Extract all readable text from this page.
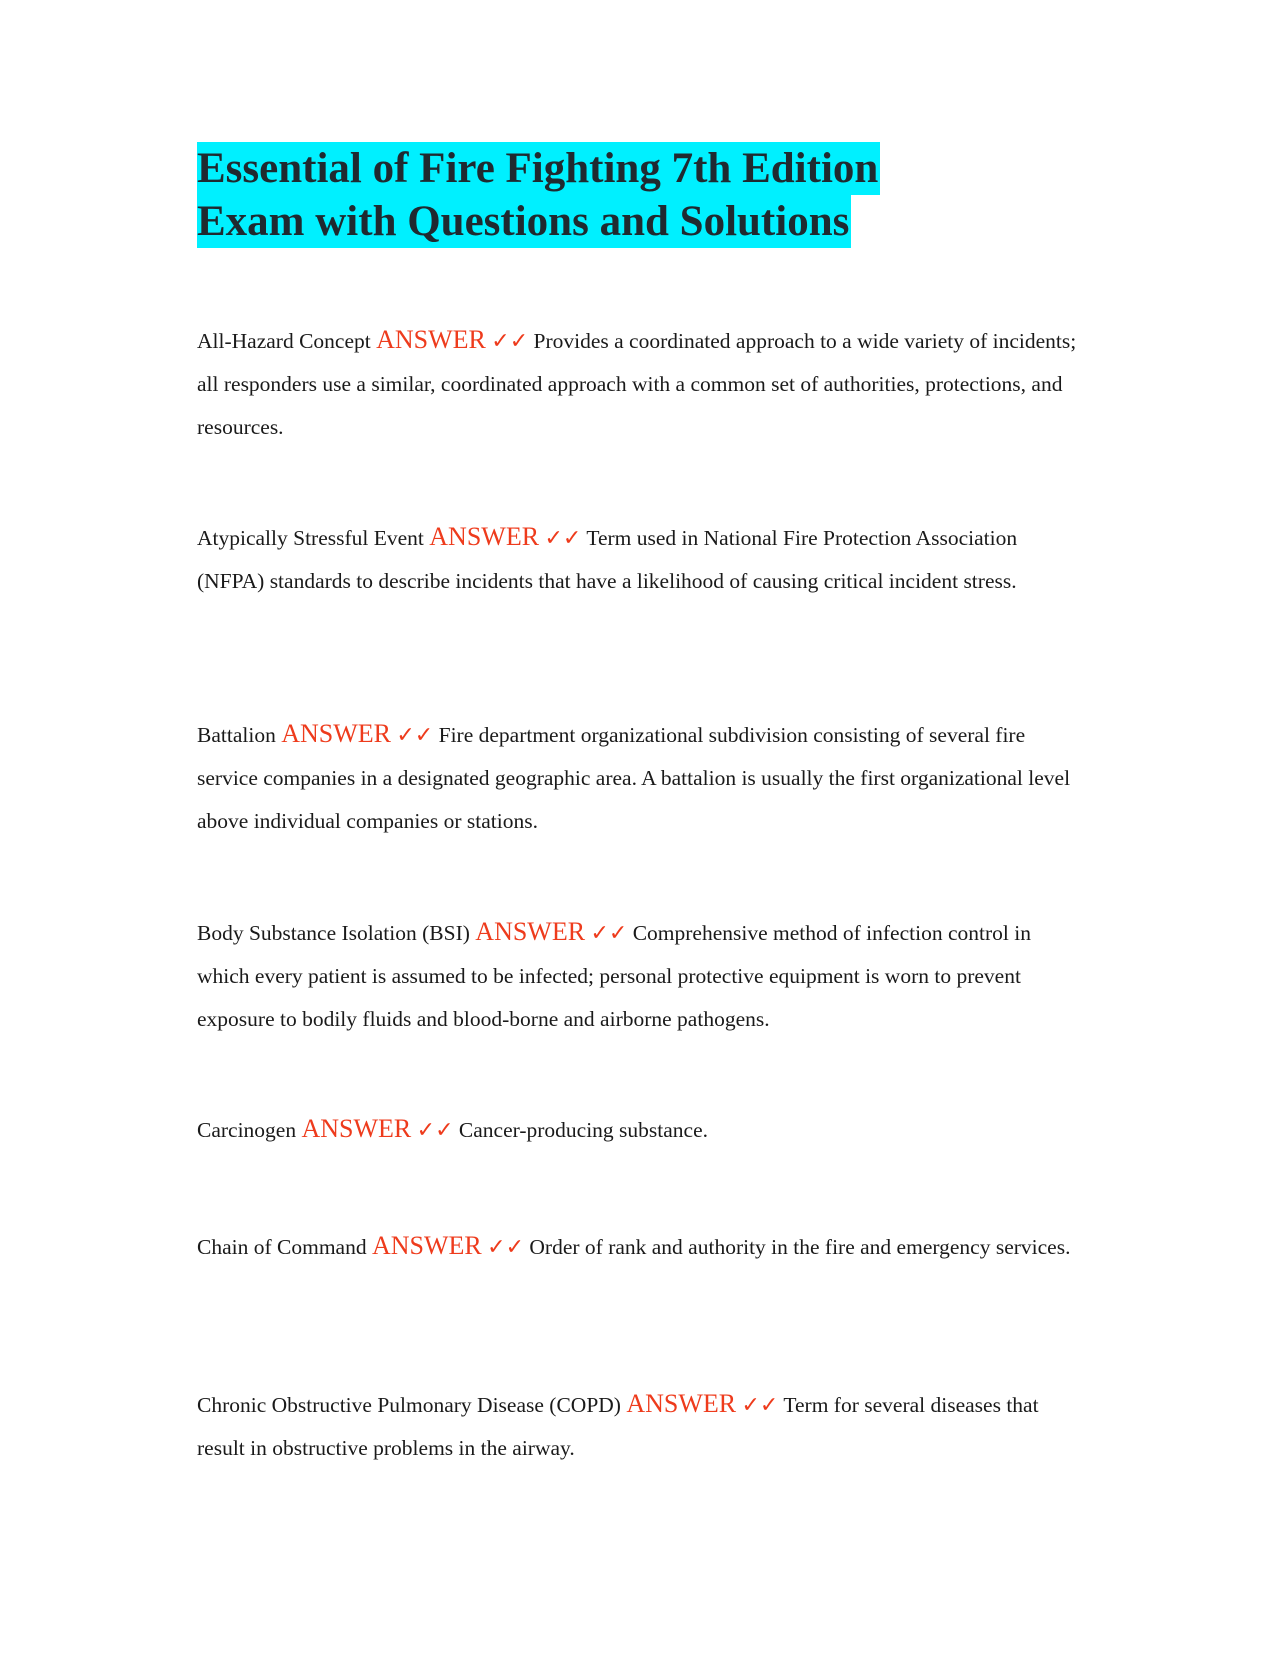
Essential of Fire Fighting 7th Edition
Exam with Questions and Solutions

All-Hazard Concept ANSWER ✓✓ Provides a coordinated approach to a wide variety of incidents; all responders use a similar, coordinated approach with a common set of authorities, protections, and resources.

Atypically Stressful Event ANSWER ✓✓ Term used in National Fire Protection Association (NFPA) standards to describe incidents that have a likelihood of causing critical incident stress.

Battalion ANSWER ✓✓ Fire department organizational subdivision consisting of several fire service companies in a designated geographic area. A battalion is usually the first organizational level above individual companies or stations.

Body Substance Isolation (BSI) ANSWER ✓✓ Comprehensive method of infection control in which every patient is assumed to be infected; personal protective equipment is worn to prevent exposure to bodily fluids and blood-borne and airborne pathogens.

Carcinogen ANSWER ✓✓ Cancer-producing substance.

Chain of Command ANSWER ✓✓ Order of rank and authority in the fire and emergency services.

Chronic Obstructive Pulmonary Disease (COPD) ANSWER ✓✓ Term for several diseases that result in obstructive problems in the airway.
